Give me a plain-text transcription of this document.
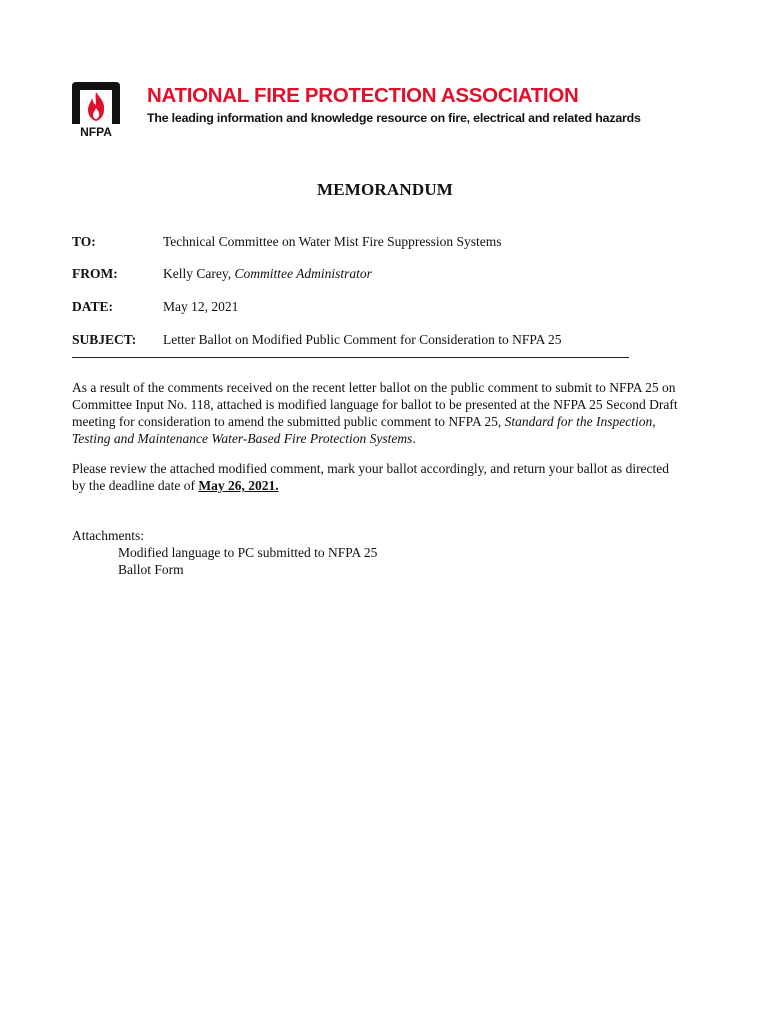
NFPA
NATIONAL FIRE PROTECTION ASSOCIATION
The leading information and knowledge resource on fire, electrical and related hazards
MEMORANDUM
TO:	Technical Committee on Water Mist Fire Suppression Systems
FROM:	Kelly Carey, Committee Administrator
DATE:	May 12, 2021
SUBJECT: Letter Ballot on Modified Public Comment for Consideration to NFPA 25
As a result of the comments received on the recent letter ballot on the public comment to submit to NFPA 25 on
Committee Input No. 118, attached is modified language for ballot to be presented at the NFPA 25 Second Draft
meeting for consideration to amend the submitted public comment to NFPA 25, Standard for the Inspection,
Testing and Maintenance Water-Based Fire Protection Systems.
Please review the attached modified comment, mark your ballot accordingly, and return your ballot as directed
by the deadline date of May 26, 2021.
Attachments:
Modified language to PC submitted to NFPA 25
Ballot Form
